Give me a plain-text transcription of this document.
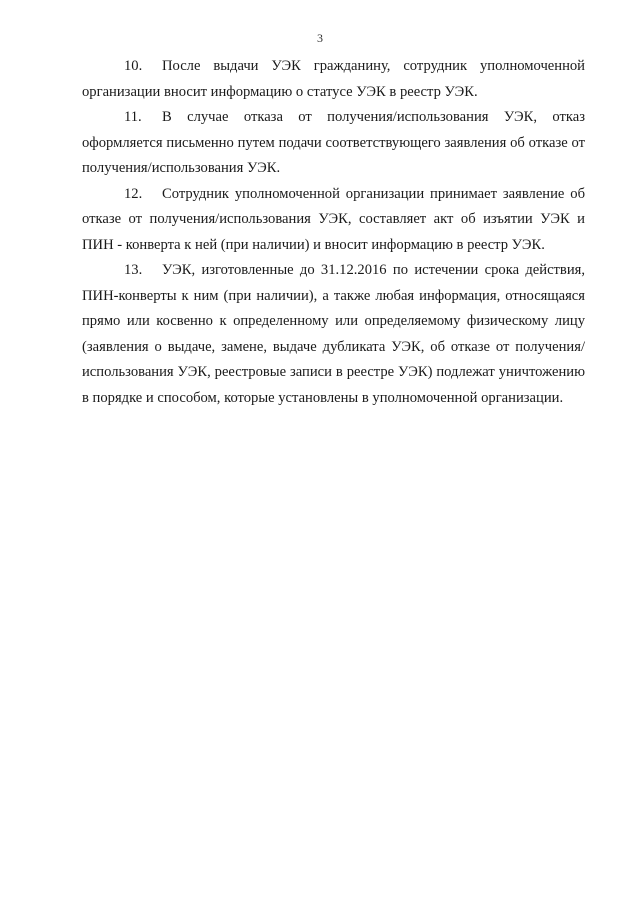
3

10. После выдачи УЭК гражданину, сотрудник уполномоченной организации вносит информацию о статусе УЭК в реестр УЭК.

11. В случае отказа от получения/использования УЭК, отказ оформляется письменно путем подачи соответствующего заявления об отказе от получения/использования УЭК.

12. Сотрудник уполномоченной организации принимает заявление об отказе от получения/использования УЭК, составляет акт об изъятии УЭК и ПИН - конверта к ней (при наличии) и вносит информацию в реестр УЭК.

13. УЭК, изготовленные до 31.12.2016 по истечении срока действия, ПИН-конверты к ним (при наличии), а также любая информация, относящаяся прямо или косвенно к определенному или определяемому физическому лицу (заявления о выдаче, замене, выдаче дубликата УЭК, об отказе от получения/использования УЭК, реестровые записи в реестре УЭК) подлежат уничтожению в порядке и способом, которые установлены в уполномоченной организации.
